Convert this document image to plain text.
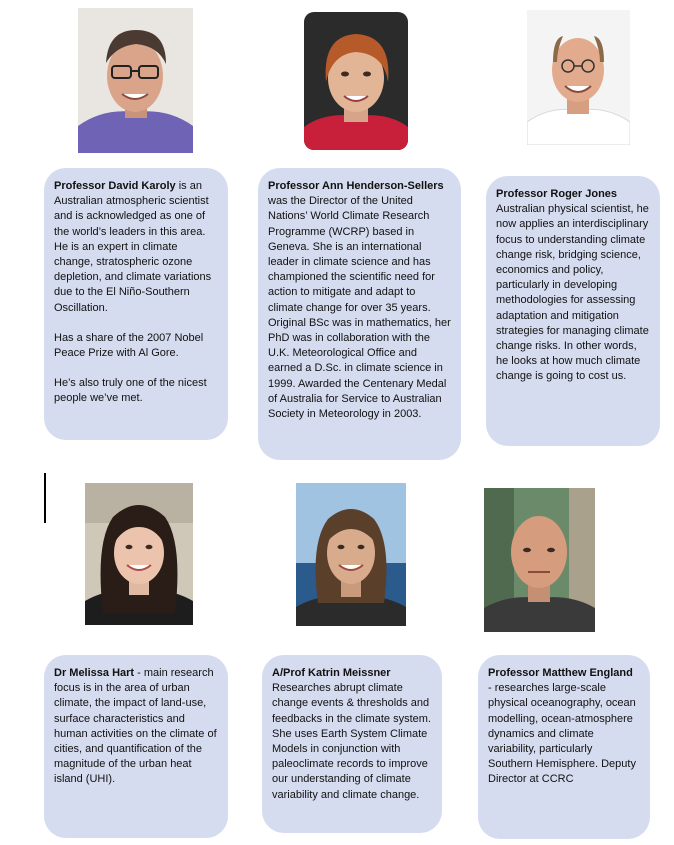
Professor David Karoly is an Australian atmospheric scientist and is acknowledged as one of the world’s leaders in this area. He is an expert in climate change, stratospheric ozone depletion, and climate variations due to the El Niño-Southern Oscillation.

Has a share of the 2007 Nobel Peace Prize with Al Gore.

He’s also truly one of the nicest people we’ve met.

Professor Ann Henderson-Sellers
was the Director of the United Nations’ World Climate Research Programme (WCRP) based in Geneva. She is an international leader in climate science and has championed the scientific need for action to mitigate and adapt to climate change for over 35 years. Original BSc was in mathematics, her PhD was in collaboration with the U.K. Meteorological Office and earned a D.Sc. in climate science in 1999. Awarded the Centenary Medal of Australia for Service to Australian Society in Meteorology in 2003.

Professor Roger Jones
Australian physical scientist, he now applies an interdisciplinary focus to understanding climate change risk, bridging science, economics and policy, particularly in developing methodologies for assessing adaptation and mitigation strategies for managing climate change risks. In other words, he looks at how much climate change is going to cost us.

Dr Melissa Hart - main research focus is in the area of urban climate, the impact of land-use, surface characteristics and human activities on the climate of cities, and quantification of the magnitude of the urban heat island (UHI).

A/Prof Katrin Meissner
Researches abrupt climate change events & thresholds and feedbacks in the climate system. She uses Earth System Climate Models in conjunction with paleoclimate records to improve our understanding of climate variability and climate change.

Professor Matthew England
- researches large-scale physical oceanography, ocean modelling, ocean-atmosphere dynamics and climate variability, particularly Southern Hemisphere. Deputy Director at CCRC
